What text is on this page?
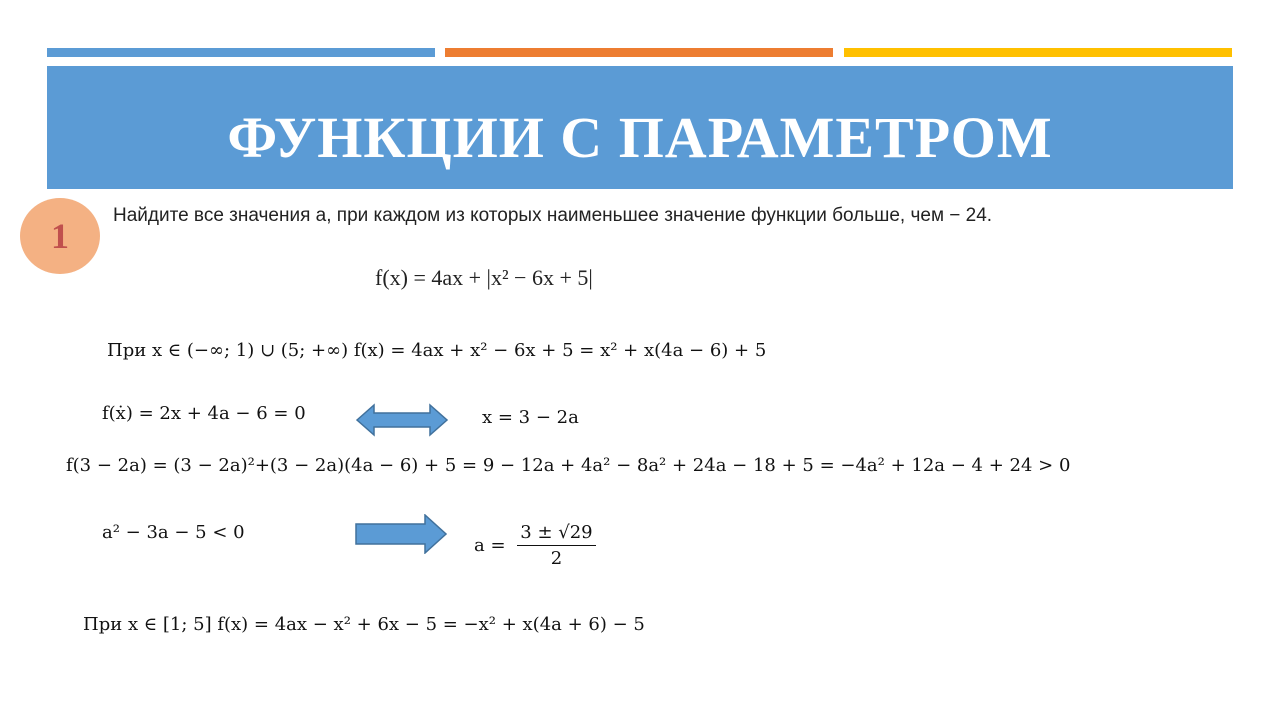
ФУНКЦИИ С ПАРАМЕТРОМ
1
Найдите все значения a, при каждом из которых наименьшее значение функции больше, чем − 24.
f(x) = 4ax + |x² − 6x + 5|
При x ∈ (−∞; 1) ∪ (5; +∞) f(x) = 4ax + x² − 6x + 5 = x² + x(4a − 6) + 5
f(ẋ) = 2x + 4a − 6 = 0	x = 3 − 2a
f(3 − 2a) = (3 − 2a)²+(3 − 2a)(4a − 6) + 5 = 9 − 12a + 4a² − 8a² + 24a − 18 + 5 = −4a² + 12a − 4 + 24 > 0
a² − 3a − 5 < 0
$a = \frac{3 \pm √29}{2}$
При x ∈ [1; 5] f(x) = 4ax − x² + 6x − 5 = −x² + x(4a + 6) − 5
